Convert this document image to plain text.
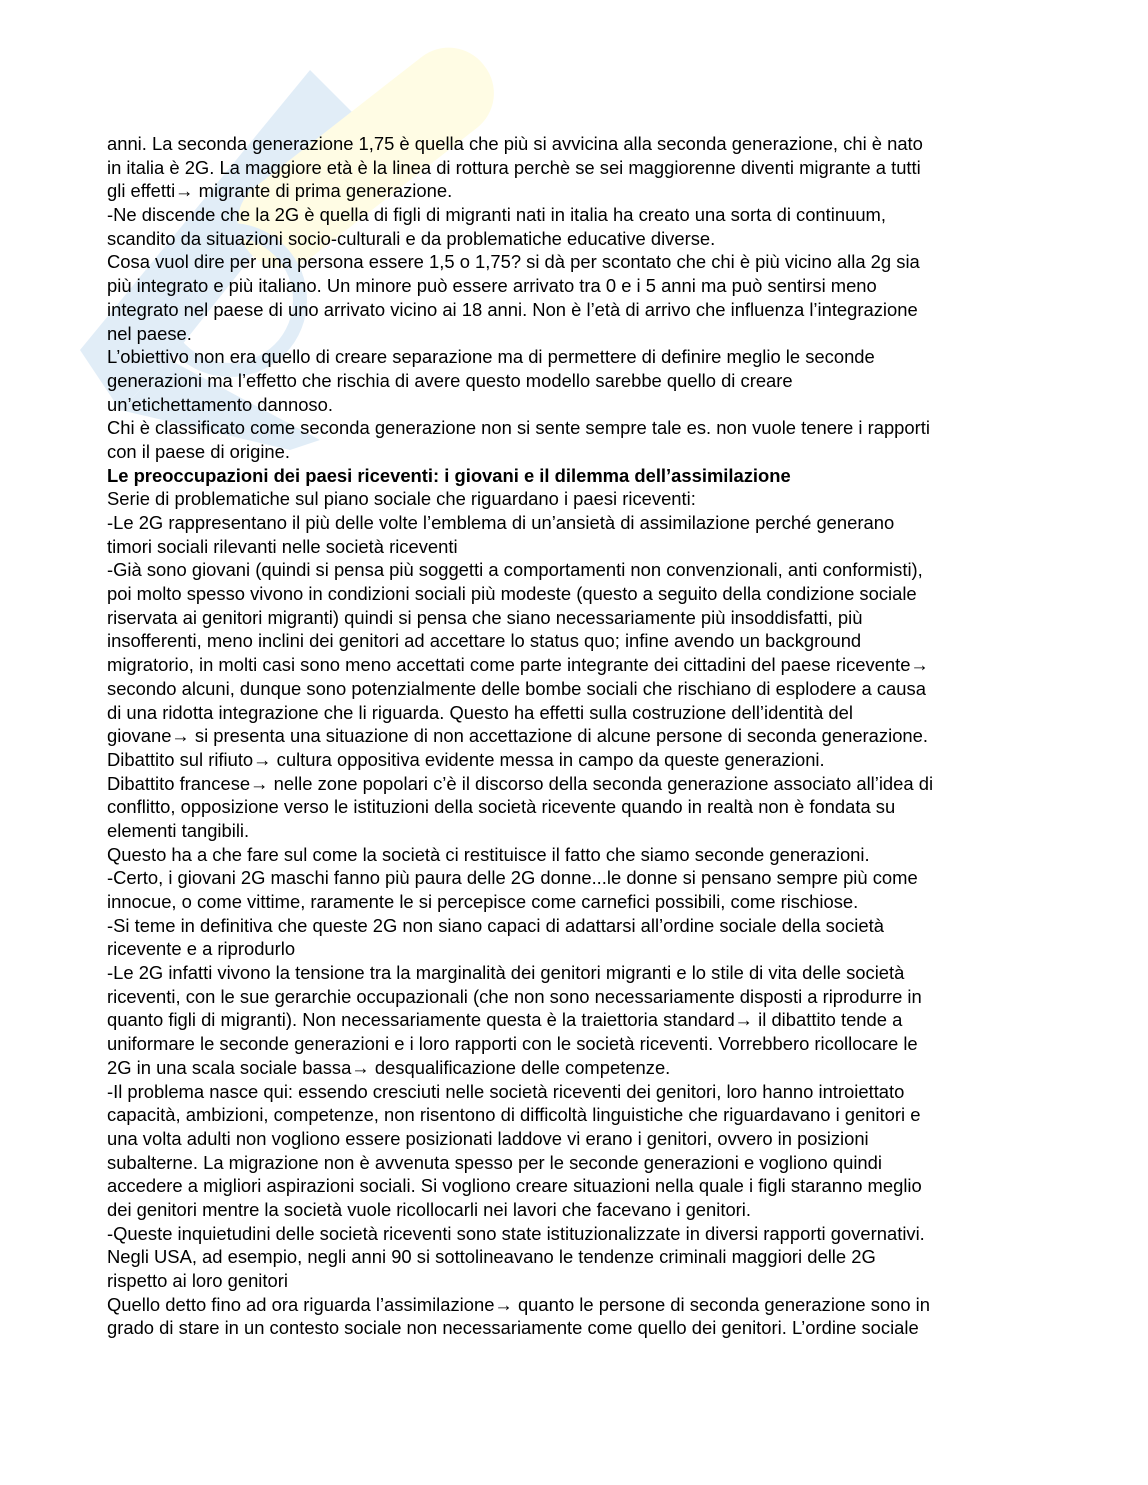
anni. La seconda generazione 1,75 è quella che più si avvicina alla seconda generazione, chi è nato
in italia è 2G. La maggiore età è la linea di rottura perchè se sei maggiorenne diventi migrante a tutti
gli effetti→ migrante di prima generazione.
-Ne discende che la 2G è quella di figli di migranti nati in italia ha creato una sorta di continuum,
scandito da situazioni socio-culturali e da problematiche educative diverse.
Cosa vuol dire per una persona essere 1,5 o 1,75? si dà per scontato che chi è più vicino alla 2g sia
più integrato e più italiano. Un minore può essere arrivato tra 0 e i 5 anni ma può sentirsi meno
integrato nel paese di uno arrivato vicino ai 18 anni. Non è l’età di arrivo che influenza l’integrazione
nel paese.
L’obiettivo non era quello di creare separazione ma di permettere di definire meglio le seconde
generazioni ma l’effetto che rischia di avere questo modello sarebbe quello di creare
un’etichettamento dannoso.
Chi è classificato come seconda generazione non si sente sempre tale es. non vuole tenere i rapporti
con il paese di origine.
Le preoccupazioni dei paesi riceventi: i giovani e il dilemma dell’assimilazione
Serie di problematiche sul piano sociale che riguardano i paesi riceventi:
-Le 2G rappresentano il più delle volte l’emblema di un’ansietà di assimilazione perché generano
timori sociali rilevanti nelle società riceventi
-Già sono giovani (quindi si pensa più soggetti a comportamenti non convenzionali, anti conformisti),
poi molto spesso vivono in condizioni sociali più modeste (questo a seguito della condizione sociale
riservata ai genitori migranti) quindi si pensa che siano necessariamente più insoddisfatti, più
insofferenti, meno inclini dei genitori ad accettare lo status quo; infine avendo un background
migratorio, in molti casi sono meno accettati come parte integrante dei cittadini del paese ricevente→
secondo alcuni, dunque sono potenzialmente delle bombe sociali che rischiano di esplodere a causa
di una ridotta integrazione che li riguarda. Questo ha effetti sulla costruzione dell’identità del
giovane→ si presenta una situazione di non accettazione di alcune persone di seconda generazione.
Dibattito sul rifiuto→ cultura oppositiva evidente messa in campo da queste generazioni.
Dibattito francese→ nelle zone popolari c’è il discorso della seconda generazione associato all’idea di
conflitto, opposizione verso le istituzioni della società ricevente quando in realtà non è fondata su
elementi tangibili.
Questo ha a che fare sul come la società ci restituisce il fatto che siamo seconde generazioni.
-Certo, i giovani 2G maschi fanno più paura delle 2G donne...le donne si pensano sempre più come
innocue, o come vittime, raramente le si percepisce come carnefici possibili, come rischiose.
-Si teme in definitiva che queste 2G non siano capaci di adattarsi all’ordine sociale della società
ricevente e a riprodurlo
-Le 2G infatti vivono la tensione tra la marginalità dei genitori migranti e lo stile di vita delle società
riceventi, con le sue gerarchie occupazionali (che non sono necessariamente disposti a riprodurre in
quanto figli di migranti). Non necessariamente questa è la traiettoria standard→ il dibattito tende a
uniformare le seconde generazioni e i loro rapporti con le società riceventi. Vorrebbero ricollocare le
2G in una scala sociale bassa→ desqualificazione delle competenze.
-Il problema nasce qui: essendo cresciuti nelle società riceventi dei genitori, loro hanno introiettato
capacità, ambizioni, competenze, non risentono di difficoltà linguistiche che riguardavano i genitori e
una volta adulti non vogliono essere posizionati laddove vi erano i genitori, ovvero in posizioni
subalterne. La migrazione non è avvenuta spesso per le seconde generazioni e vogliono quindi
accedere a migliori aspirazioni sociali. Si vogliono creare situazioni nella quale i figli staranno meglio
dei genitori mentre la società vuole ricollocarli nei lavori che facevano i genitori.
-Queste inquietudini delle società riceventi sono state istituzionalizzate in diversi rapporti governativi.
Negli USA, ad esempio, negli anni 90 si sottolineavano le tendenze criminali maggiori delle 2G
rispetto ai loro genitori
Quello detto fino ad ora riguarda l’assimilazione→ quanto le persone di seconda generazione sono in
grado di stare in un contesto sociale non necessariamente come quello dei genitori. L’ordine sociale
